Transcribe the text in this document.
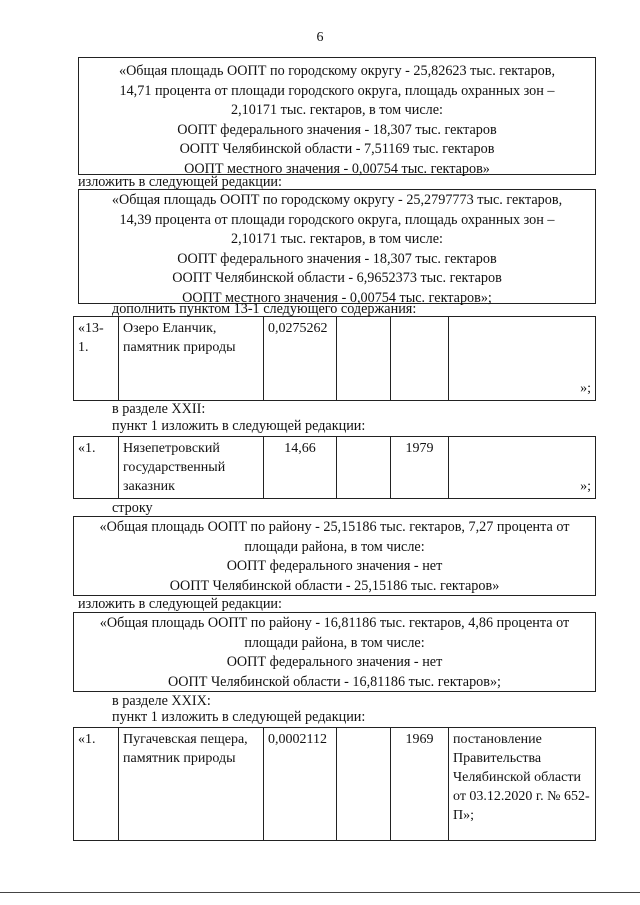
6
«Общая площадь ООПТ по городскому округу - 25,82623 тыс. гектаров,
14,71 процента от площади городского округа, площадь охранных зон –
2,10171 тыс. гектаров, в том числе:
ООПТ федерального значения - 18,307 тыс. гектаров
ООПТ Челябинской области - 7,51169 тыс. гектаров
ООПТ местного значения - 0,00754 тыс. гектаров»
изложить в следующей редакции:
«Общая площадь ООПТ по городскому округу - 25,2797773 тыс. гектаров,
14,39 процента от площади городского округа, площадь охранных зон –
2,10171 тыс. гектаров, в том числе:
ООПТ федерального значения - 18,307 тыс. гектаров
ООПТ Челябинской области - 6,9652373 тыс. гектаров
ООПТ местного значения - 0,00754 тыс. гектаров»;
дополнить пунктом 13-1 следующего содержания:
«13-1.	Озеро Еланчик, памятник природы	0,0275262			
»;
в разделе XXII:
пункт 1 изложить в следующей редакции:
«1.	Нязепетровский государственный заказник	14,66		1979	
»;
строку
«Общая площадь ООПТ по району - 25,15186 тыс. гектаров, 7,27 процента от
площади района, в том числе:
ООПТ федерального значения - нет
ООПТ Челябинской области - 25,15186 тыс. гектаров»
изложить в следующей редакции:
«Общая площадь ООПТ по району - 16,81186 тыс. гектаров, 4,86 процента от
площади района, в том числе:
ООПТ федерального значения - нет
ООПТ Челябинской области - 16,81186 тыс. гектаров»;
в разделе XXIX:
пункт 1 изложить в следующей редакции:
«1.	Пугачевская пещера, памятник природы	0,0002112		1969	постановление Правительства Челябинской области от 03.12.2020 г. № 652-П»;
